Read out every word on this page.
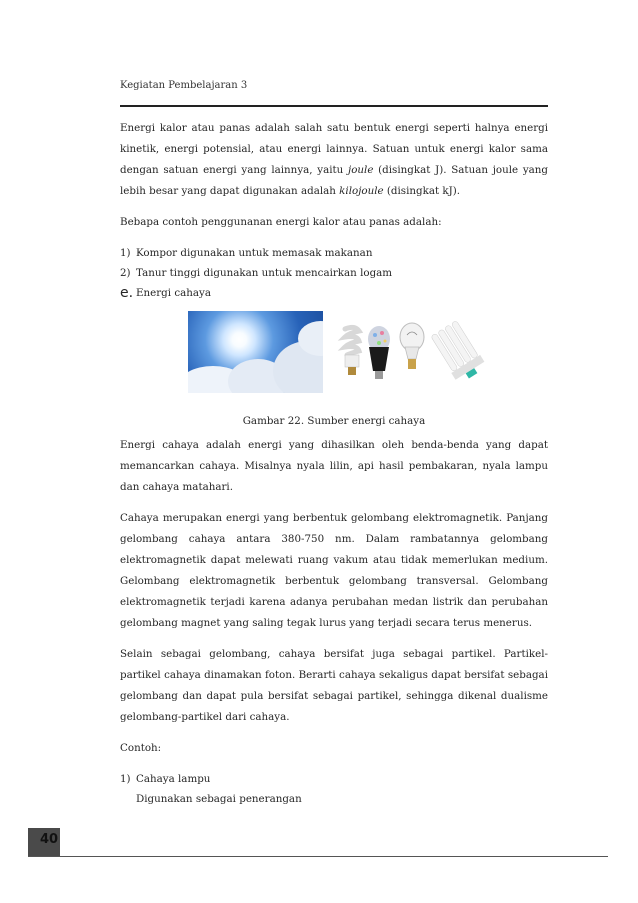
Kegiatan Pembelajaran 3

Energi kalor atau panas adalah salah satu bentuk energi seperti halnya energi kinetik, energi potensial, atau energi lainnya. Satuan untuk energi kalor sama dengan satuan energi yang lainnya, yaitu joule (disingkat J). Satuan joule yang lebih besar yang dapat digunakan adalah kilojoule (disingkat kJ).

Bebapa contoh penggunanan energi kalor atau panas adalah:

1) Kompor digunakan untuk memasak makanan
2) Tanur tinggi digunakan untuk mencairkan logam
e. Energi cahaya
Gambar 22. Sumber energi cahaya

Energi cahaya adalah energi yang dihasilkan oleh benda-benda yang dapat memancarkan cahaya. Misalnya nyala lilin, api hasil pembakaran, nyala lampu dan cahaya matahari.

Cahaya merupakan energi yang berbentuk gelombang elektromagnetik. Panjang gelombang cahaya antara 380-750 nm. Dalam rambatannya gelombang elektromagnetik dapat melewati ruang vakum atau tidak memerlukan medium. Gelombang elektromagnetik berbentuk gelombang transversal. Gelombang elektromagnetik terjadi karena adanya perubahan medan listrik dan perubahan gelombang magnet yang saling tegak lurus yang terjadi secara terus menerus.

Selain sebagai gelombang, cahaya bersifat juga sebagai partikel. Partikel-partikel cahaya dinamakan foton. Berarti cahaya sekaligus dapat bersifat sebagai gelombang dan dapat pula bersifat sebagai partikel, sehingga dikenal dualisme gelombang-partikel dari cahaya.

Contoh:

1) Cahaya lampu
Digunakan sebagai penerangan
40
